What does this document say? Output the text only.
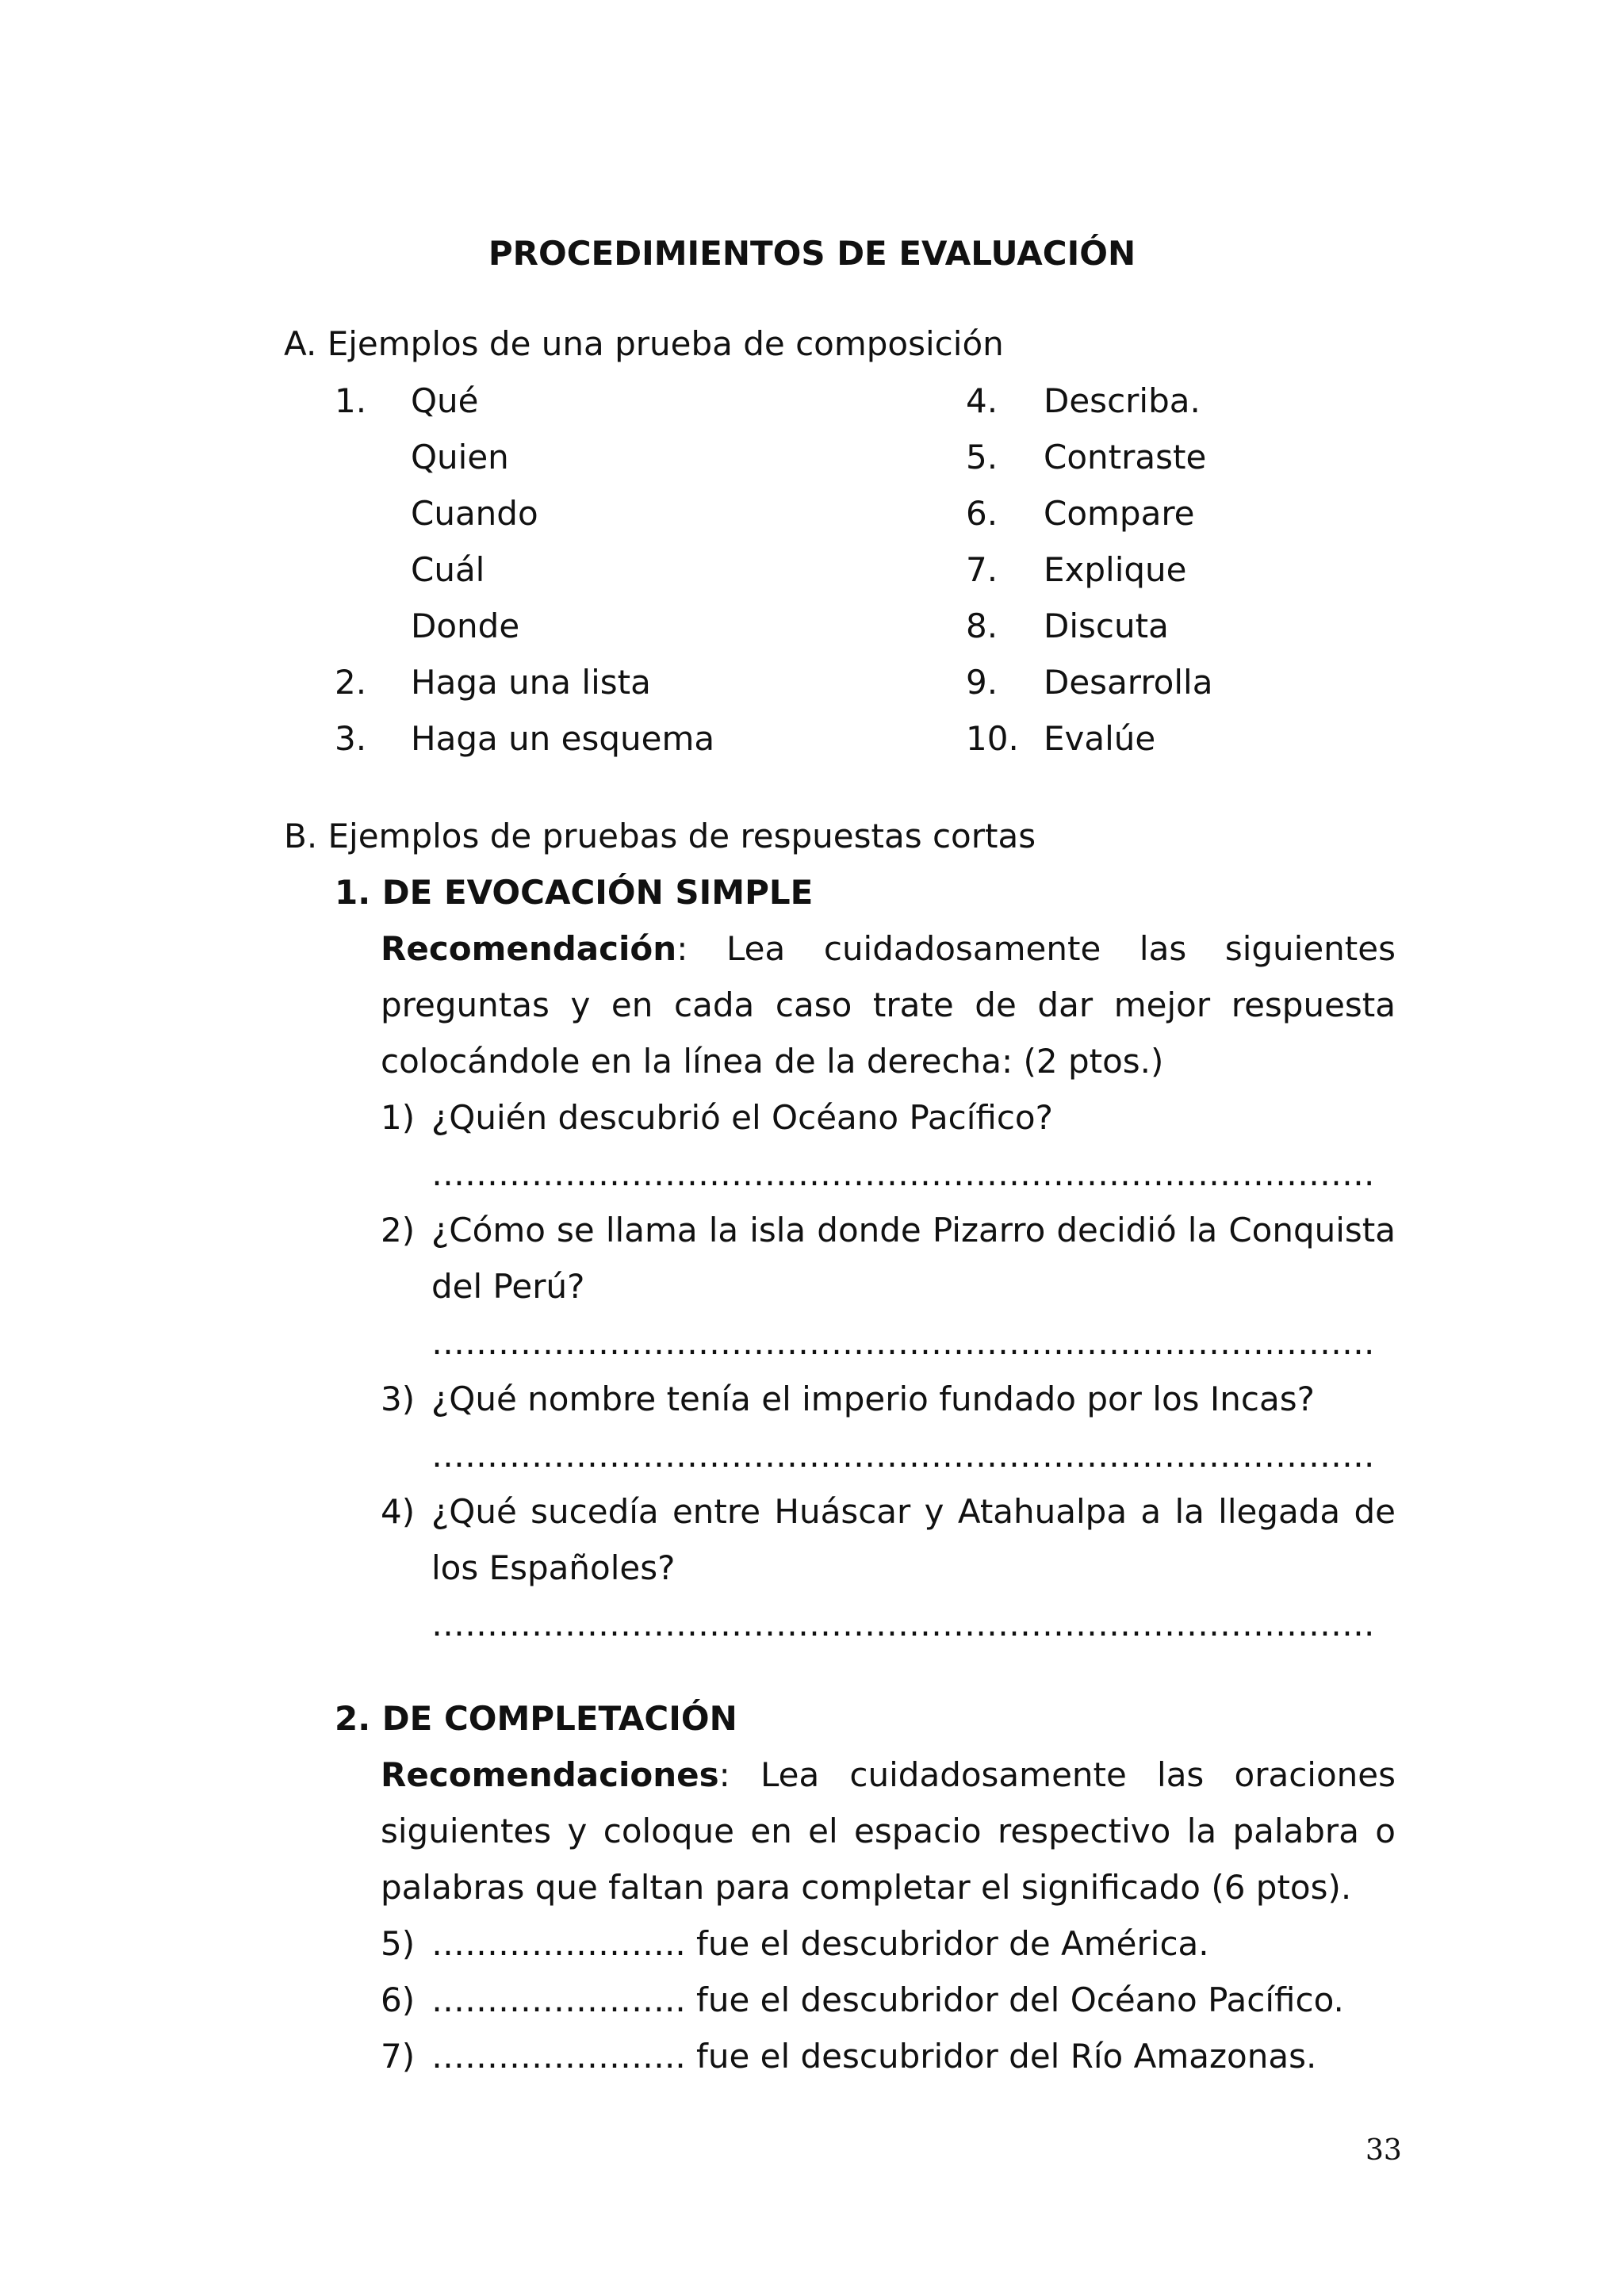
PROCEDIMIENTOS DE EVALUACIÓN
A. Ejemplos de una prueba de composición
1. Qué
Quien
Cuando
Cuál
Donde
2. Haga una lista
3. Haga un esquema
4. Describa.
5. Contraste
6. Compare
7. Explique
8. Discuta
9. Desarrolla
10. Evalúe
B. Ejemplos de pruebas de respuestas cortas
1. DE EVOCACIÓN SIMPLE
Recomendación: Lea cuidadosamente las siguientes
preguntas y en cada caso trate de dar mejor respuesta
colocándole en la línea de la derecha: (2 ptos.)
1) ¿Quién descubrió el Océano Pacífico?
………………………………………………………………………….
2) ¿Cómo se llama la isla donde Pizarro decidió la Conquista
del Perú?
………………………………………………………………………….
3) ¿Qué nombre tenía el imperio fundado por los Incas?
………………………………………………………………………….
4) ¿Qué sucedía entre Huáscar y Atahualpa a la llegada de
los Españoles?
………………………………………………………………………….
2. DE COMPLETACIÓN
Recomendaciones: Lea cuidadosamente las oraciones
siguientes y coloque en el espacio respectivo la palabra o
palabras que faltan para completar el significado (6 ptos).
5) ………………….. fue el descubridor de América.
6) ………………….. fue el descubridor del Océano Pacífico.
7) ………………….. fue el descubridor del Río Amazonas.
33
